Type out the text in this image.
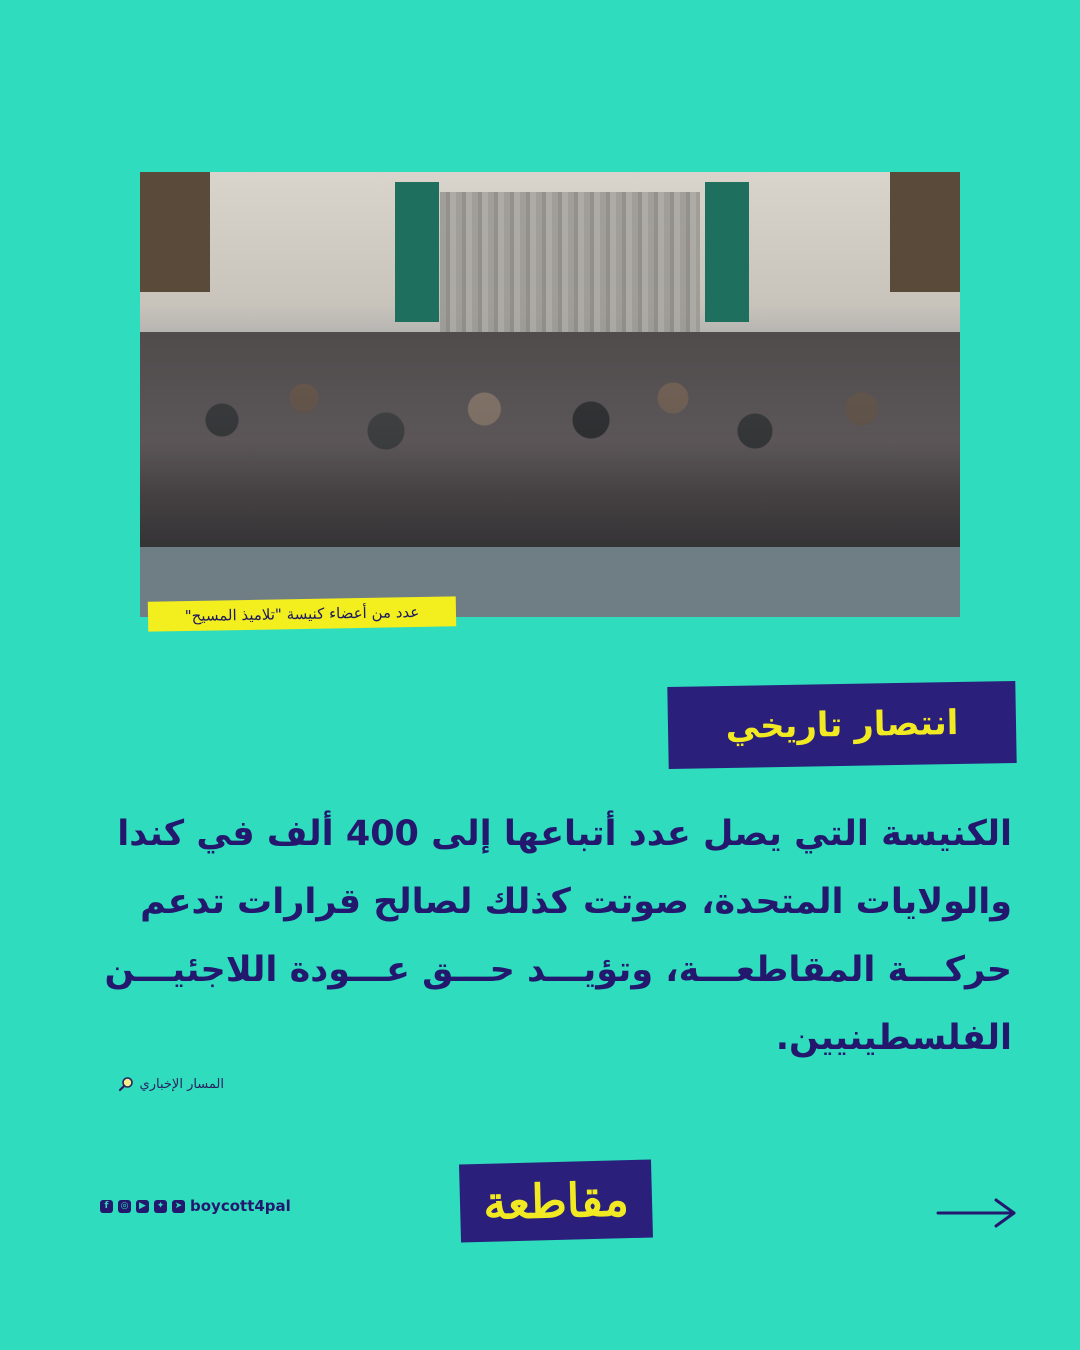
عدد من أعضاء كنيسة "تلاميذ المسيح"
انتصار تاريخي
الكنيسة التي يصل عدد أتباعها إلى 400 ألف في كندا والولايات المتحدة، صوتت كذلك لصالح قرارات تدعم حركـــة المقاطعـــة، وتؤيـــد حـــق عـــودة اللاجئيـــن الفلسطينيين.
المسار الإخباري
f	◎	▶	✦	➤ boycott4pal	مقاطعة
